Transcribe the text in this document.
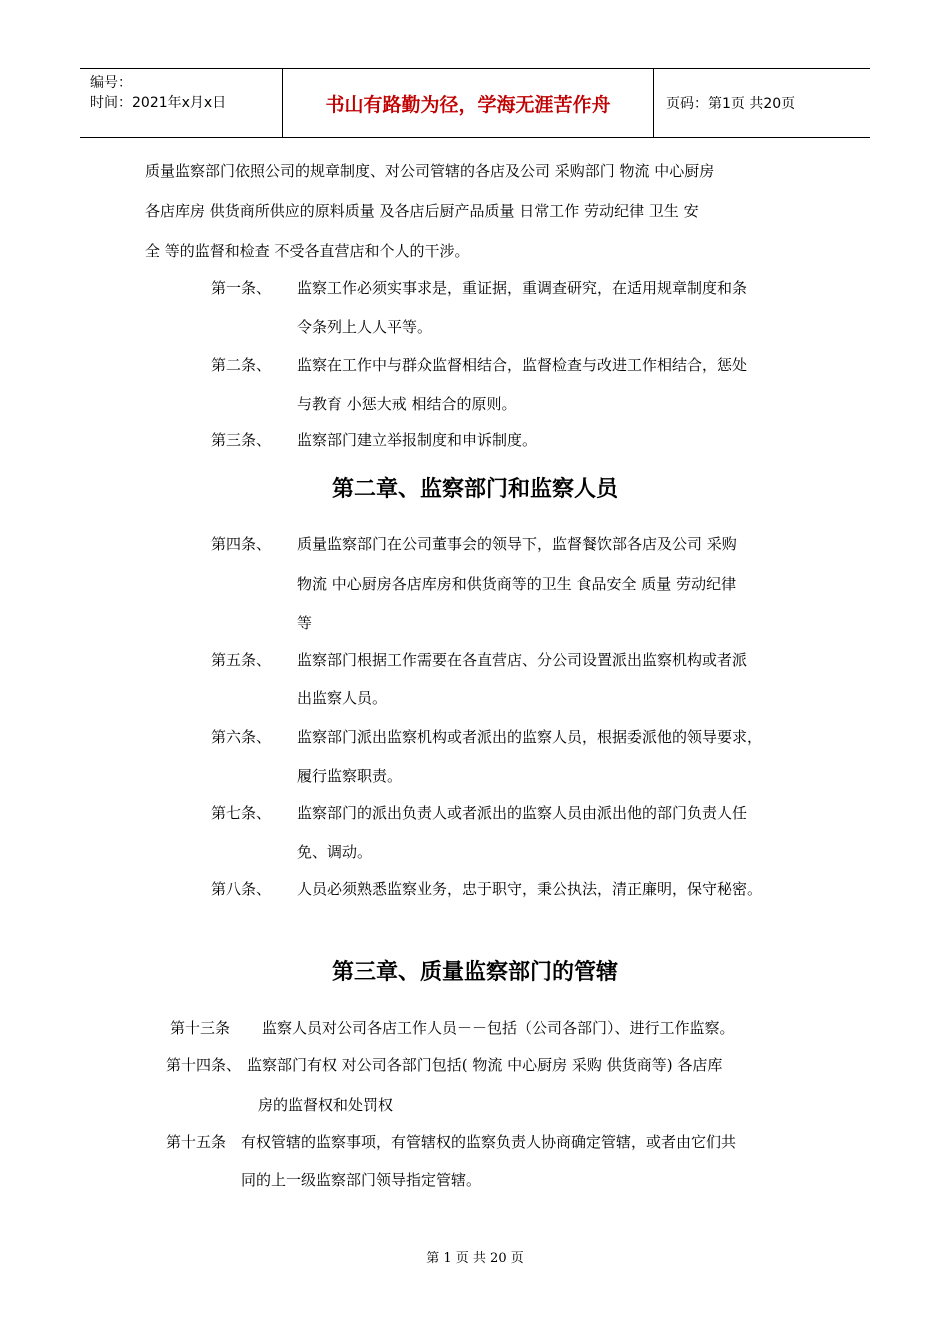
编号：
时间：2021年x月x日	书山有路勤为径，学海无涯苦作舟	页码：第1页 共20页
质量监察部门依照公司的规章制度、对公司管辖的各店及公司 采购部门 物流 中心厨房
各店库房 供货商所供应的原料质量 及各店后厨产品质量 日常工作 劳动纪律 卫生 安
全 等的监督和检查 不受各直营店和个人的干涉。
第一条、 监察工作必须实事求是，重证据，重调查研究，在适用规章制度和条
令条列上人人平等。
第二条、 监察在工作中与群众监督相结合，监督检查与改进工作相结合，惩处
与教育 小惩大戒 相结合的原则。
第三条、 监察部门建立举报制度和申诉制度。
第二章、监察部门和监察人员
第四条、 质量监察部门在公司董事会的领导下，监督餐饮部各店及公司 采购
物流 中心厨房各店库房和供货商等的卫生 食品安全 质量 劳动纪律
等
第五条、 监察部门根据工作需要在各直营店、分公司设置派出监察机构或者派
出监察人员。
第六条、 监察部门派出监察机构或者派出的监察人员，根据委派他的领导要求，
履行监察职责。
第七条、 监察部门的派出负责人或者派出的监察人员由派出他的部门负责人任
免、调动。
第八条、 人员必须熟悉监察业务，忠于职守，秉公执法，清正廉明，保守秘密。
第三章、质量监察部门的管辖
第十三条 监察人员对公司各店工作人员－－包括（公司各部门）、进行工作监察。
第十四条、 监察部门有权 对公司各部门包括( 物流 中心厨房 采购 供货商等) 各店库
房的监督权和处罚权
第十五条 有权管辖的监察事项，有管辖权的监察负责人协商确定管辖，或者由它们共
同的上一级监察部门领导指定管辖。
第 1 页 共 20 页
